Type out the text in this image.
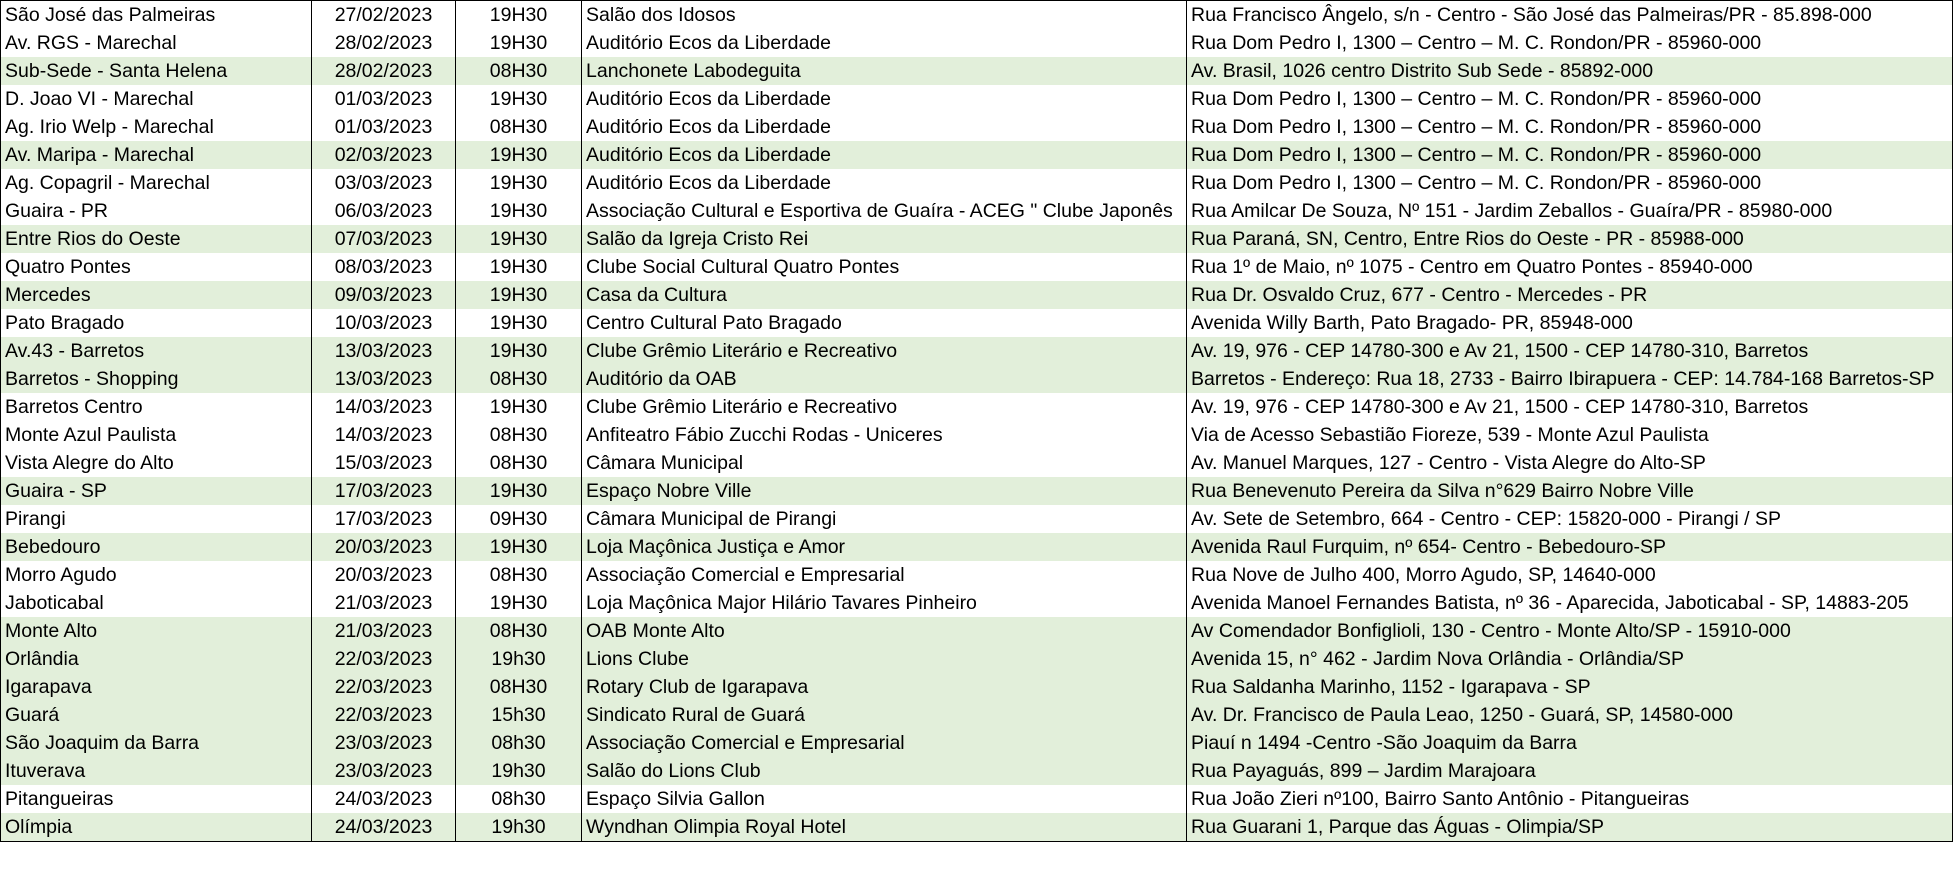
São José das Palmeiras	27/02/2023	19H30	Salão dos Idosos	Rua Francisco Ângelo, s/n - Centro - São José das Palmeiras/PR - 85.898-000
Av. RGS - Marechal	28/02/2023	19H30	Auditório Ecos da Liberdade	Rua Dom Pedro I, 1300 – Centro – M. C. Rondon/PR - 85960-000
Sub-Sede - Santa Helena	28/02/2023	08H30	Lanchonete Labodeguita	Av. Brasil, 1026 centro Distrito Sub Sede - 85892-000
D. Joao VI - Marechal	01/03/2023	19H30	Auditório Ecos da Liberdade	Rua Dom Pedro I, 1300 – Centro – M. C. Rondon/PR - 85960-000
Ag. Irio Welp - Marechal	01/03/2023	08H30	Auditório Ecos da Liberdade	Rua Dom Pedro I, 1300 – Centro – M. C. Rondon/PR - 85960-000
Av. Maripa - Marechal	02/03/2023	19H30	Auditório Ecos da Liberdade	Rua Dom Pedro I, 1300 – Centro – M. C. Rondon/PR - 85960-000
Ag. Copagril - Marechal	03/03/2023	19H30	Auditório Ecos da Liberdade	Rua Dom Pedro I, 1300 – Centro – M. C. Rondon/PR - 85960-000
Guaira - PR	06/03/2023	19H30	Associação Cultural e Esportiva de Guaíra - ACEG " Clube Japonês	Rua Amilcar De Souza, Nº 151 - Jardim Zeballos - Guaíra/PR - 85980-000
Entre Rios do Oeste	07/03/2023	19H30	Salão da Igreja Cristo Rei	Rua Paraná, SN, Centro, Entre Rios do Oeste - PR - 85988-000
Quatro Pontes	08/03/2023	19H30	Clube Social Cultural Quatro Pontes	Rua 1º de Maio, nº 1075 - Centro em Quatro Pontes - 85940-000
Mercedes	09/03/2023	19H30	Casa da Cultura	Rua Dr. Osvaldo Cruz, 677 - Centro - Mercedes - PR
Pato Bragado	10/03/2023	19H30	Centro Cultural Pato Bragado	Avenida Willy Barth, Pato Bragado- PR, 85948-000
Av.43 - Barretos	13/03/2023	19H30	Clube Grêmio Literário e Recreativo	Av. 19, 976 - CEP 14780-300 e Av 21, 1500 - CEP 14780-310, Barretos
Barretos - Shopping	13/03/2023	08H30	Auditório da OAB	Barretos - Endereço: Rua 18, 2733 - Bairro Ibirapuera - CEP: 14.784-168 Barretos-SP
Barretos Centro	14/03/2023	19H30	Clube Grêmio Literário e Recreativo	Av. 19, 976 - CEP 14780-300 e Av 21, 1500 - CEP 14780-310, Barretos
Monte Azul Paulista	14/03/2023	08H30	Anfiteatro Fábio Zucchi Rodas - Uniceres	Via de Acesso Sebastião Fioreze, 539 - Monte Azul Paulista
Vista Alegre do Alto	15/03/2023	08H30	Câmara Municipal	Av. Manuel Marques, 127 - Centro - Vista Alegre do Alto-SP
Guaira - SP	17/03/2023	19H30	Espaço Nobre Ville	Rua Benevenuto Pereira da Silva n°629 Bairro Nobre Ville
Pirangi	17/03/2023	09H30	Câmara Municipal de Pirangi	Av. Sete de Setembro, 664 - Centro - CEP: 15820-000 - Pirangi / SP
Bebedouro	20/03/2023	19H30	Loja Maçônica Justiça e Amor	Avenida Raul Furquim, nº 654- Centro - Bebedouro-SP
Morro Agudo	20/03/2023	08H30	Associação Comercial e Empresarial	Rua Nove de Julho 400, Morro Agudo, SP, 14640-000
Jaboticabal	21/03/2023	19H30	Loja Maçônica Major Hilário Tavares Pinheiro	Avenida Manoel Fernandes Batista, nº 36 - Aparecida, Jaboticabal - SP, 14883-205
Monte Alto	21/03/2023	08H30	OAB Monte Alto	Av Comendador Bonfiglioli, 130 - Centro - Monte Alto/SP - 15910-000
Orlândia	22/03/2023	19h30	Lions Clube	Avenida 15, n° 462 - Jardim Nova Orlândia - Orlândia/SP
Igarapava	22/03/2023	08H30	Rotary Club de Igarapava	Rua Saldanha Marinho, 1152 - Igarapava - SP
Guará	22/03/2023	15h30	Sindicato Rural de Guará	Av. Dr. Francisco de Paula Leao, 1250 - Guará, SP, 14580-000
São Joaquim da Barra	23/03/2023	08h30	Associação Comercial e Empresarial	Piauí n 1494 -Centro -São Joaquim da Barra
Ituverava	23/03/2023	19h30	Salão do Lions Club	Rua Payaguás, 899 – Jardim Marajoara
Pitangueiras	24/03/2023	08h30	Espaço Silvia Gallon	Rua João Zieri nº100, Bairro Santo Antônio - Pitangueiras
Olímpia	24/03/2023	19h30	Wyndhan Olimpia Royal Hotel	Rua Guarani 1, Parque das Águas - Olimpia/SP
